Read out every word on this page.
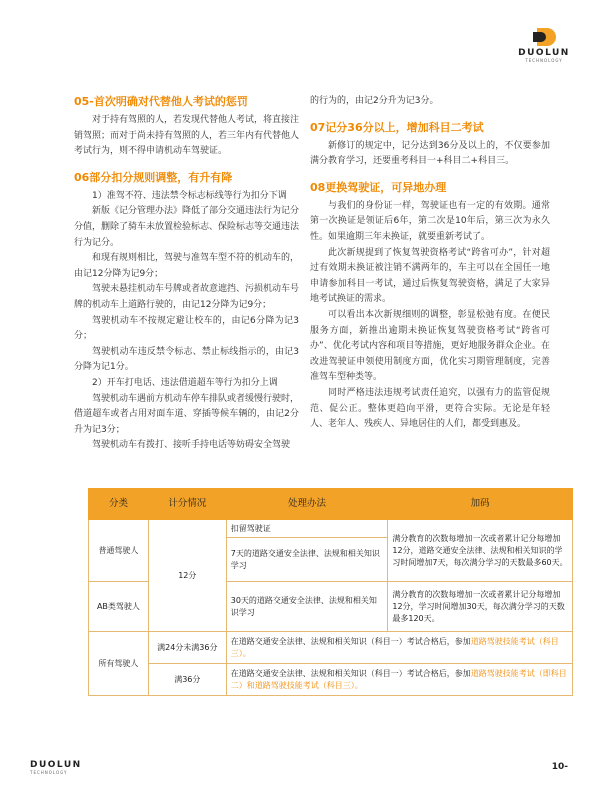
DUOLUN
TECHNOLOGY
05-首次明确对代替他人考试的惩罚

对于持有驾照的人，若发现代替他人考试，将直接注销驾照；而对于尚未持有驾照的人，若三年内有代替他人考试行为，则不得申请机动车驾驶证。

06部分扣分规则调整，有升有降

1）准驾不符、违法禁令标志标线等行为扣分下调

新版《记分管理办法》降低了部分交通违法行为记分分值，删除了骑车未放置检验标志、保险标志等交通违法行为记分。

和现有规则相比，驾驶与准驾车型不符的机动车的，由记12分降为记9分；

驾驶未悬挂机动车号牌或者故意遮挡、污损机动车号牌的机动车上道路行驶的，由记12分降为记9分；

驾驶机动车不按规定避让校车的，由记6分降为记3分；

驾驶机动车违反禁令标志、禁止标线指示的，由记3分降为记1分。

2）开车打电话、违法借道超车等行为扣分上调

驾驶机动车遇前方机动车停车排队或者缓慢行驶时，借道超车或者占用对面车道、穿插等候车辆的，由记2分升为记3分；

驾驶机动车有拨打、接听手持电话等妨碍安全驾驶

的行为的，由记2分升为记3分。

07记分36分以上，增加科目二考试

新修订的规定中，记分达到36分及以上的，不仅要参加满分教育学习，还要重考科目一+科目二+科目三。

08更换驾驶证，可异地办理

与我们的身份证一样，驾驶证也有一定的有效期。通常第一次换证是领证后6年，第二次是10年后，第三次为永久性。如果逾期三年未换证，就要重新考试了。

此次新规提到了恢复驾驶资格考试“跨省可办”，针对超过有效期未换证被注销不满两年的，车主可以在全国任一地申请参加科目一考试，通过后恢复驾驶资格，满足了大家异地考试换证的需求。

可以看出本次新规细则的调整，彰显松弛有度。在便民服务方面，新推出逾期未换证恢复驾驶资格考试“跨省可办”、优化考试内容和项目等措施，更好地服务群众企业。在改进驾驶证申领使用制度方面，优化实习期管理制度，完善准驾车型种类等。

同时严格违法违规考试责任追究，以强有力的监管促规范、促公正。整体更趋向平滑，更符合实际。无论是年轻人、老年人、残疾人、异地居住的人们，都受到惠及。

分类	计分情况	处理办法	加码
普通驾驶人	12分	扣留驾驶证	满分教育的次数每增加一次或者累计记分每增加12分，道路交通安全法律、法规和相关知识的学习时间增加7天，每次满分学习的天数最多60天。
		7天的道路交通安全法律、法规和相关知识学习	
AB类驾驶人		30天的道路交通安全法律、法规和相关知识学习	满分教育的次数每增加一次或者累计记分每增加12分，学习时间增加30天，每次满分学习的天数最多120天。
所有驾驶人	满24分未满36分	在道路交通安全法律、法规和相关知识（科目一）考试合格后，参加道路驾驶技能考试（科目三）。	
	满36分	在道路交通安全法律、法规和相关知识（科目一）考试合格后，参加道路驾驶技能考试（即科目二）和道路驾驶技能考试（科目三）。	
DUOLUN
TECHNOLOGY
10-
